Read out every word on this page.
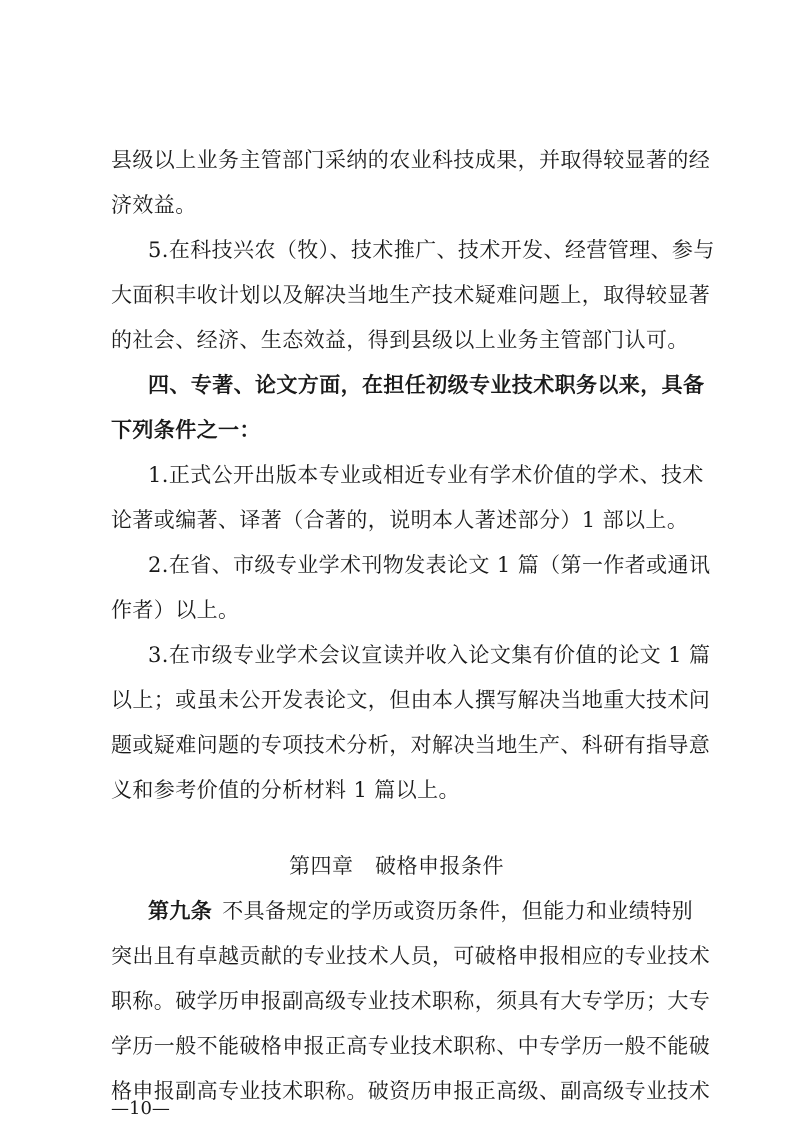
县级以上业务主管部门采纳的农业科技成果，并取得较显著的经
济效益。
5.在科技兴农（牧）、技术推广、技术开发、经营管理、参与
大面积丰收计划以及解决当地生产技术疑难问题上，取得较显著
的社会、经济、生态效益，得到县级以上业务主管部门认可。
四、专著、论文方面，在担任初级专业技术职务以来，具备
下列条件之一：
1.正式公开出版本专业或相近专业有学术价值的学术、技术
论著或编著、译著（合著的，说明本人著述部分）1 部以上。
2.在省、市级专业学术刊物发表论文 1 篇（第一作者或通讯
作者）以上。
3.在市级专业学术会议宣读并收入论文集有价值的论文 1 篇
以上；或虽未公开发表论文，但由本人撰写解决当地重大技术问
题或疑难问题的专项技术分析，对解决当地生产、科研有指导意
义和参考价值的分析材料 1 篇以上。
第四章　破格申报条件
第九条 不具备规定的学历或资历条件，但能力和业绩特别
突出且有卓越贡献的专业技术人员，可破格申报相应的专业技术
职称。破学历申报副高级专业技术职称，须具有大专学历；大专
学历一般不能破格申报正高专业技术职称、中专学历一般不能破
格申报副高专业技术职称。破资历申报正高级、副高级专业技术
—10—
